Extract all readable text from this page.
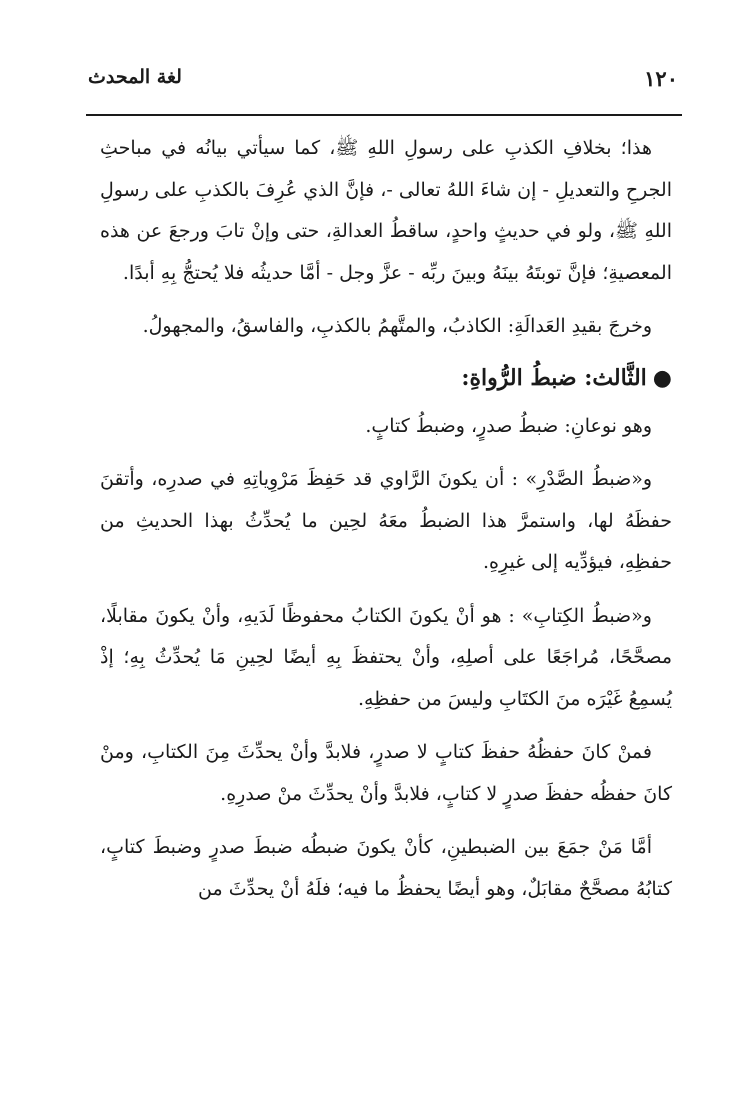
١٢٠
لغة المحدث

هذا؛ بخلافِ الكذبِ على رسولِ اللهِ ﷺ، كما سيأتي بيانُه في مباحثِ الجرحِ والتعديلِ - إن شاءَ اللهُ تعالى -، فإنَّ الذي عُرِفَ بالكذبِ على رسولِ اللهِ ﷺ، ولو في حديثٍ واحدٍ، ساقطُ العدالةِ، حتى وإنْ تابَ ورجعَ عن هذه المعصيةِ؛ فإنَّ توبتَهُ بينَهُ وبينَ ربِّه - عزَّ وجل - أمَّا حديثُه فلا يُحتجُّ بِهِ أبدًا.

وخرجَ بقيدِ العَدالَةِ: الكاذبُ، والمتَّهمُ بالكذبِ، والفاسقُ، والمجهولُ.

●الثَّالث: ضبطُ الرُّواةِ:

وهو نوعانِ: ضبطُ صدرٍ، وضبطُ كتابٍ.

و«ضبطُ الصَّدْرِ» : أن يكونَ الرَّاوي قد حَفِظَ مَرْوِياتِهِ في صدرِه، وأتقنَ حفظَهُ لها، واستمرَّ هذا الضبطُ معَهُ لحِين ما يُحدِّثُ بهذا الحديثِ من حفظِهِ، فيؤدِّيه إلى غيرِهِ.

و«ضبطُ الكِتابِ» : هو أنْ يكونَ الكتابُ محفوظًا لَدَيهِ، وأنْ يكونَ مقابلًا، مصحَّحًا، مُراجَعًا على أصلِهِ، وأنْ يحتفظَ بِهِ أيضًا لحِينِ مَا يُحدِّثُ بِهِ؛ إذْ يُسمِعُ غَيْرَه منَ الكتَابِ وليسَ من حفظِهِ.

فمنْ كانَ حفظُهُ حفظَ كتابٍ لا صدرٍ، فلابدَّ وأنْ يحدِّثَ مِنَ الكتابِ، ومنْ كانَ حفظُه حفظَ صدرٍ لا كتابٍ، فلابدَّ وأنْ يحدِّثَ منْ صدرِهِ.

أمَّا مَنْ جمَعَ بين الضبطينِ، كأنْ يكونَ ضبطُه ضبطَ صدرٍ وضبطَ كتابٍ، كتابُهُ مصحَّحٌ مقابَلٌ، وهو أيضًا يحفظُ ما فيه؛ فلَهُ أنْ يحدِّثَ من
